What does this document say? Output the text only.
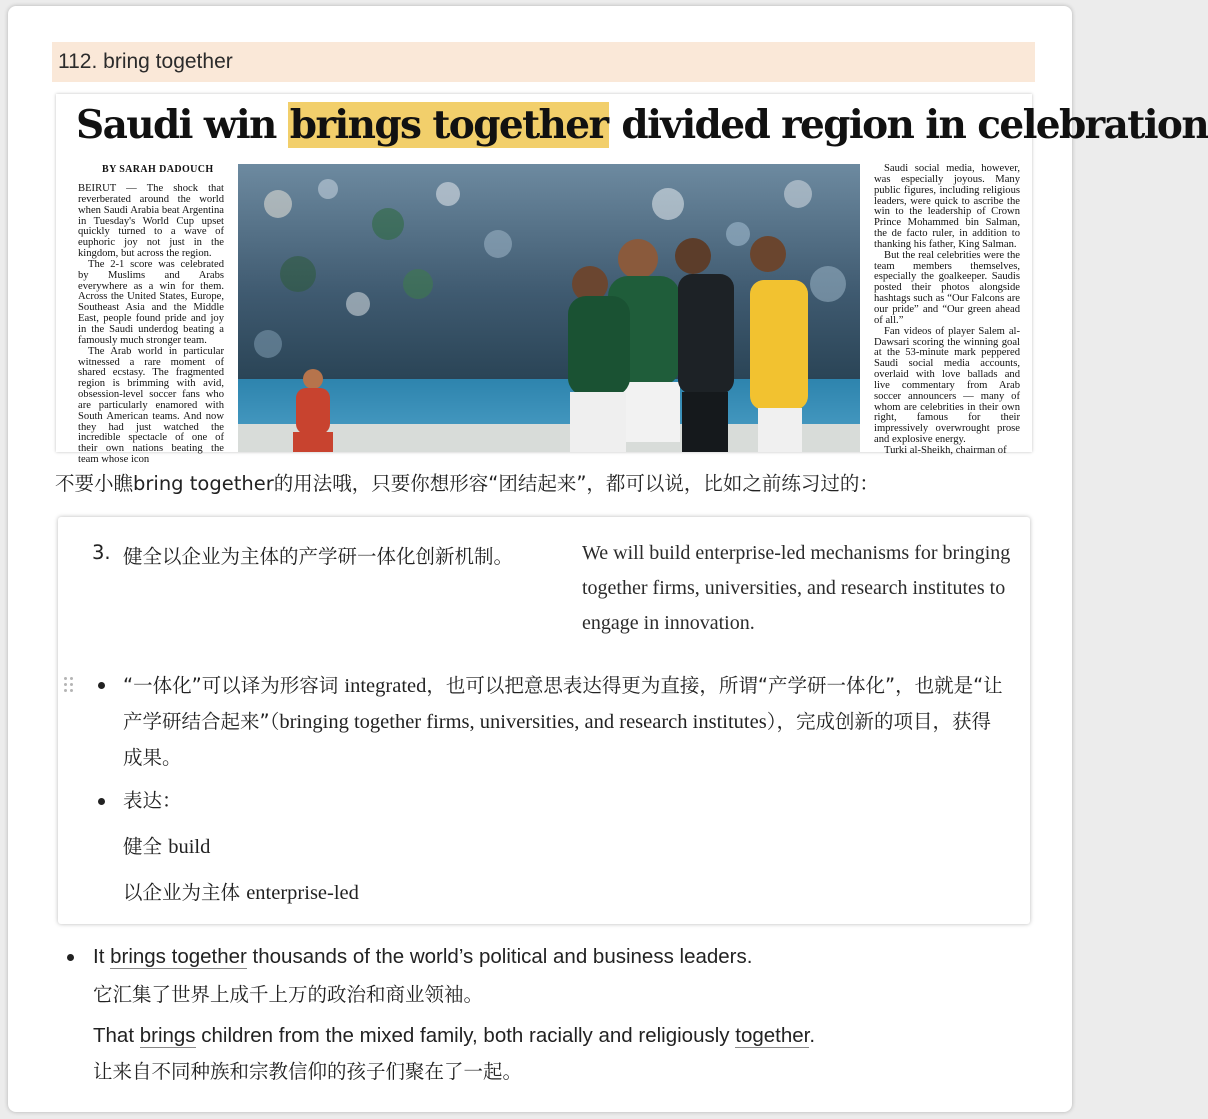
112. bring together
Saudi win brings together divided region in celebration
BY SARAH DADOUCH

BEIRUT — The shock that reverberated around the world when Saudi Arabia beat Argentina in Tuesday's World Cup upset quickly turned to a wave of euphoric joy not just in the kingdom, but across the region.

The 2-1 score was celebrated by Muslims and Arabs everywhere as a win for them. Across the United States, Europe, Southeast Asia and the Middle East, people found pride and joy in the Saudi underdog beating a famously much stronger team.

The Arab world in particular witnessed a rare moment of shared ecstasy. The fragmented region is brimming with avid, obsession-level soccer fans who are particularly enamored with South American teams. And now they had just watched the incredible spectacle of one of their own nations beating the team whose icon

Saudi social media, however, was especially joyous. Many public figures, including religious leaders, were quick to ascribe the win to the leadership of Crown Prince Mohammed bin Salman, the de facto ruler, in addition to thanking his father, King Salman.

But the real celebrities were the team members themselves, especially the goalkeeper. Saudis posted their photos alongside hashtags such as “Our Falcons are our pride” and “Our green ahead of all.”

Fan videos of player Salem al-Dawsari scoring the winning goal at the 53-minute mark peppered Saudi social media accounts, overlaid with love ballads and live commentary from Arab soccer announcers — many of whom are celebrities in their own right, famous for their impressively overwrought prose and explosive energy.

Turki al-Sheikh, chairman of

不要小瞧bring together的用法哦，只要你想形容“团结起来”，都可以说，比如之前练习过的：
3. 健全以企业为主体的产学研一体化创新机制。	We will build enterprise-led mechanisms for bringing together firms, universities, and research institutes to engage in innovation.
“一体化”可以译为形容词 integrated，也可以把意思表达得更为直接，所谓“产学研一体化”，也就是“让产学研结合起来”（bringing together firms, universities, and research institutes），完成创新的项目，获得成果。
表达：
健全 build
以企业为主体 enterprise-led
It brings together thousands of the world’s political and business leaders.
它汇集了世界上成千上万的政治和商业领袖。
That brings children from the mixed family, both racially and religiously together.
让来自不同种族和宗教信仰的孩子们聚在了一起。
